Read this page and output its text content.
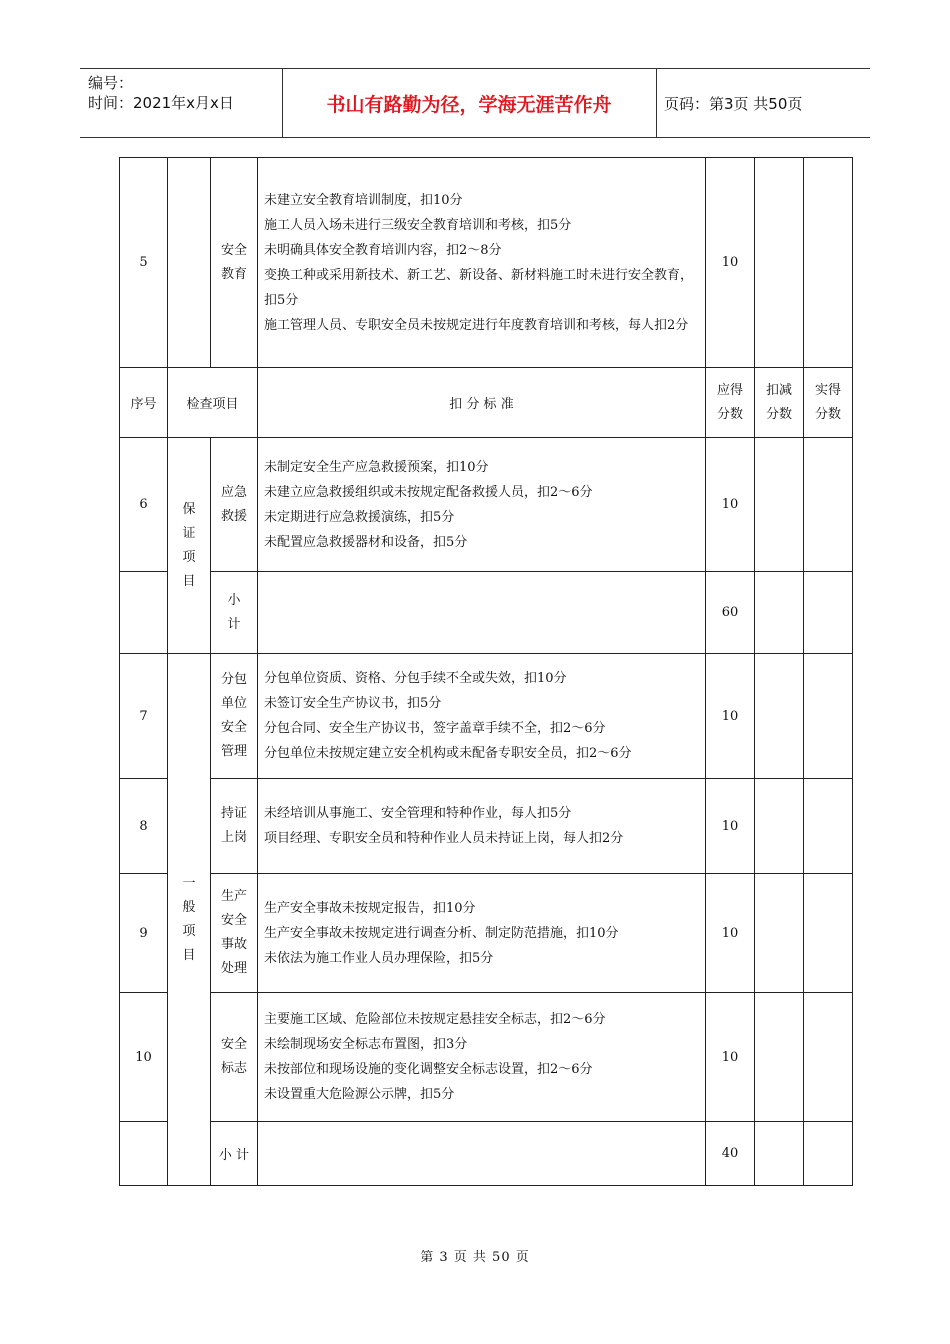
编号：
时间：2021年x月x日	书山有路勤为径，学海无涯苦作舟	页码：第3页 共50页
5		安全教育	未建立安全教育培训制度，扣10分
施工人员入场未进行三级安全教育培训和考核，扣5分
未明确具体安全教育培训内容，扣2～8分
变换工种或采用新技术、新工艺、新设备、新材料施工时未进行安全教育，扣5分
施工管理人员、专职安全员未按规定进行年度教育培训和考核，每人扣2分	10		
序号	检查项目		扣 分 标 准	应得分数	扣减分数	实得分数

6	保证项目	应急救援	未制定安全生产应急救援预案，扣10分
未建立应急救援组织或未按规定配备救援人员，扣2～6分
未定期进行应急救援演练，扣5分
未配置应急救援器材和设备，扣5分	10		

		小计		60		
7	一般项目	分包单位安全管理	分包单位资质、资格、分包手续不全或失效，扣10分
未签订安全生产协议书，扣5分
分包合同、安全生产协议书，签字盖章手续不全，扣2～6分
分包单位未按规定建立安全机构或未配备专职安全员，扣2～6分	10		
8		持证上岗	未经培训从事施工、安全管理和特种作业，每人扣5分
项目经理、专职安全员和特种作业人员未持证上岗，每人扣2分	10		
9		生产安全事故处理	生产安全事故未按规定报告，扣10分
生产安全事故未按规定进行调查分析、制定防范措施，扣10分
未依法为施工作业人员办理保险，扣5分	10		
10		安全标志	主要施工区域、危险部位未按规定悬挂安全标志，扣2～6分
未绘制现场安全标志布置图，扣3分
未按部位和现场设施的变化调整安全标志设置，扣2～6分
未设置重大危险源公示牌，扣5分	10		
		小 计		40		
第 3 页 共 50 页
